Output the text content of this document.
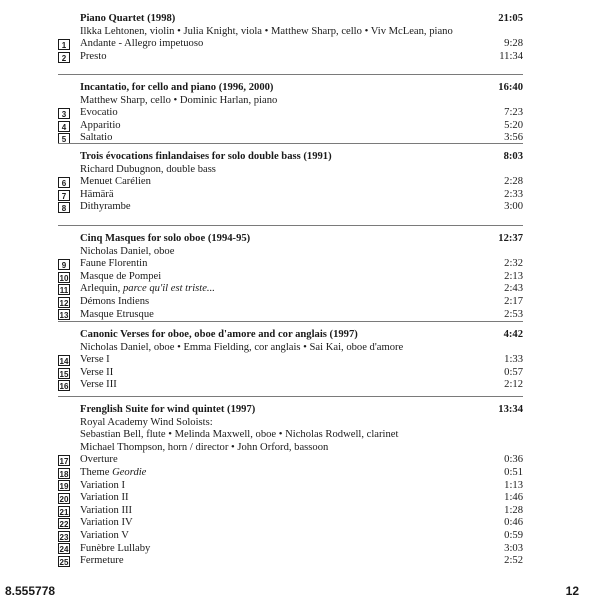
Piano Quartet (1998)	21:05
Ilkka Lehtonen, violin • Julia Knight, viola • Matthew Sharp, cello • Viv McLean, piano
1	Andante - Allegro impetuoso	9:28
2	Presto	11:34
Incantatio, for cello and piano (1996, 2000)	16:40
Matthew Sharp, cello • Dominic Harlan, piano
3	Evocatio	7:23
4	Apparitio	5:20
5	Saltatio	3:56
Trois évocations finlandaises for solo double bass (1991)	8:03
Richard Dubugnon, double bass
6	Menuet Carélien	2:28
7	Hämärä	2:33
8	Dithyrambe	3:00
Cinq Masques for solo oboe (1994-95)	12:37
Nicholas Daniel, oboe
9	Faune Florentin	2:32
10 Masque de Pompei	2:13
11 Arlequin, parce qu'il est triste...	2:43
12 Démons Indiens	2:17
13 Masque Etrusque	2:53
Canonic Verses for oboe, oboe d'amore and cor anglais (1997)	4:42
Nicholas Daniel, oboe • Emma Fielding, cor anglais • Sai Kai, oboe d'amore
14 Verse I	1:33
15 Verse II	0:57
16 Verse III	2:12
Frenglish Suite for wind quintet (1997)	13:34
Royal Academy Wind Soloists:
Sebastian Bell, flute • Melinda Maxwell, oboe • Nicholas Rodwell, clarinet
Michael Thompson, horn / director • John Orford, bassoon
17 Overture	0:36
18 Theme Geordie	0:51
19 Variation I	1:13
20 Variation II	1:46
21 Variation III	1:28
22 Variation IV	0:46
23 Variation V	0:59
24 Funèbre Lullaby	3:03
25 Fermeture	2:52
8.555778	12
